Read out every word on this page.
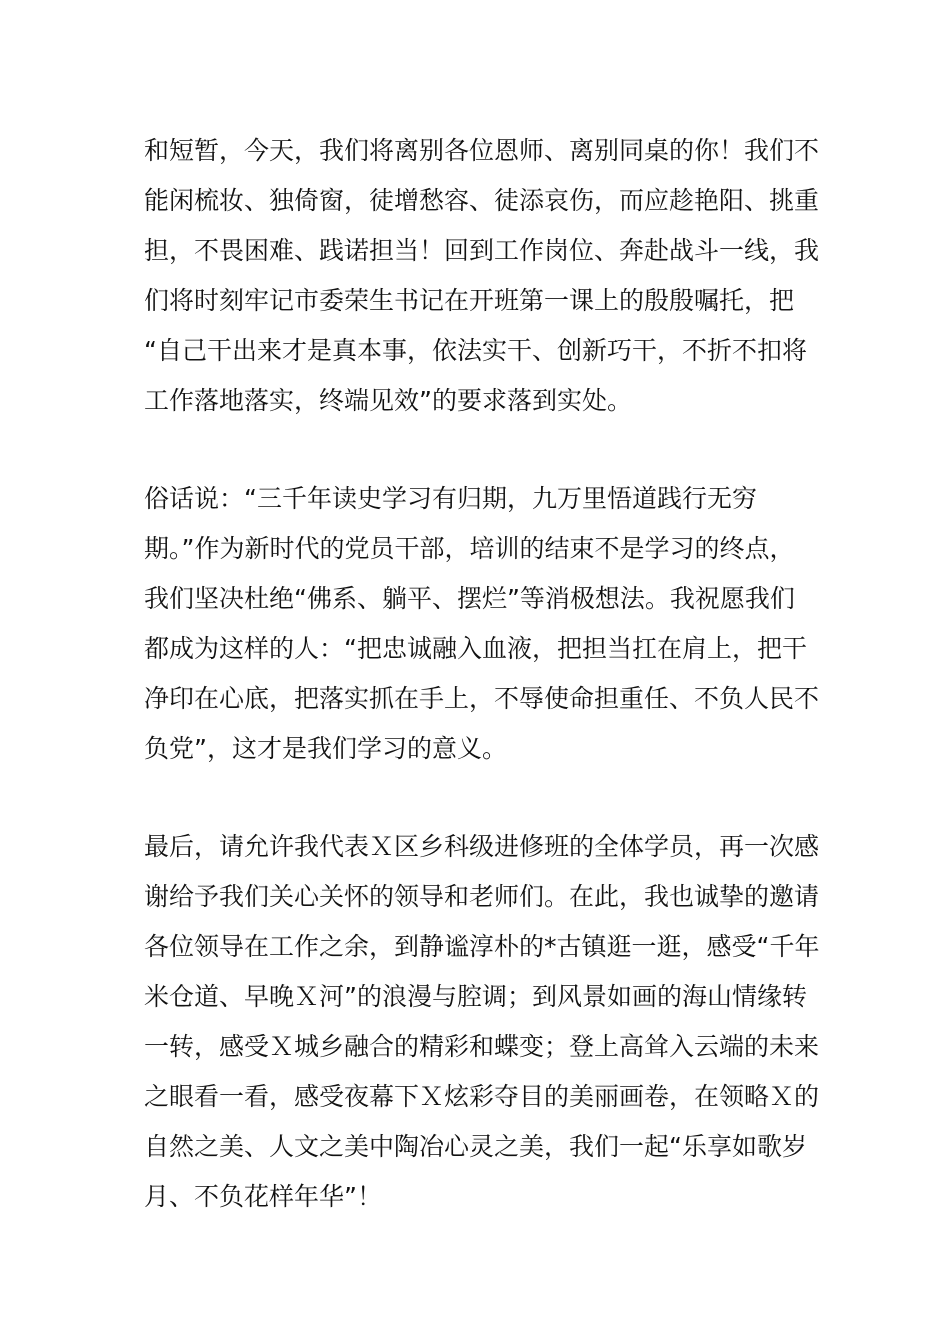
和短暂，今天，我们将离别各位恩师、离别同桌的你！我们不
能闲梳妆、独倚窗，徒增愁容、徒添哀伤，而应趁艳阳、挑重
担，不畏困难、践诺担当！回到工作岗位、奔赴战斗一线，我
们将时刻牢记市委荣生书记在开班第一课上的殷殷嘱托，把
“自己干出来才是真本事，依法实干、创新巧干，不折不扣将
工作落地落实，终端见效”的要求落到实处。
俗话说：“三千年读史学习有归期，九万里悟道践行无穷
期。”作为新时代的党员干部，培训的结束不是学习的终点，
我们坚决杜绝“佛系、躺平、摆烂”等消极想法。我祝愿我们
都成为这样的人：“把忠诚融入血液，把担当扛在肩上，把干
净印在心底，把落实抓在手上，不辱使命担重任、不负人民不
负党”，这才是我们学习的意义。
最后，请允许我代表Ｘ区乡科级进修班的全体学员，再一次感
谢给予我们关心关怀的领导和老师们。在此，我也诚挚的邀请
各位领导在工作之余，到静谧淳朴的*古镇逛一逛，感受“千年
米仓道、早晚Ｘ河”的浪漫与腔调；到风景如画的海山情缘转
一转，感受Ｘ城乡融合的精彩和蝶变；登上高耸入云端的未来
之眼看一看，感受夜幕下Ｘ炫彩夺目的美丽画卷，在领略Ｘ的
自然之美、人文之美中陶冶心灵之美，我们一起“乐享如歌岁
月、不负花样年华”！
